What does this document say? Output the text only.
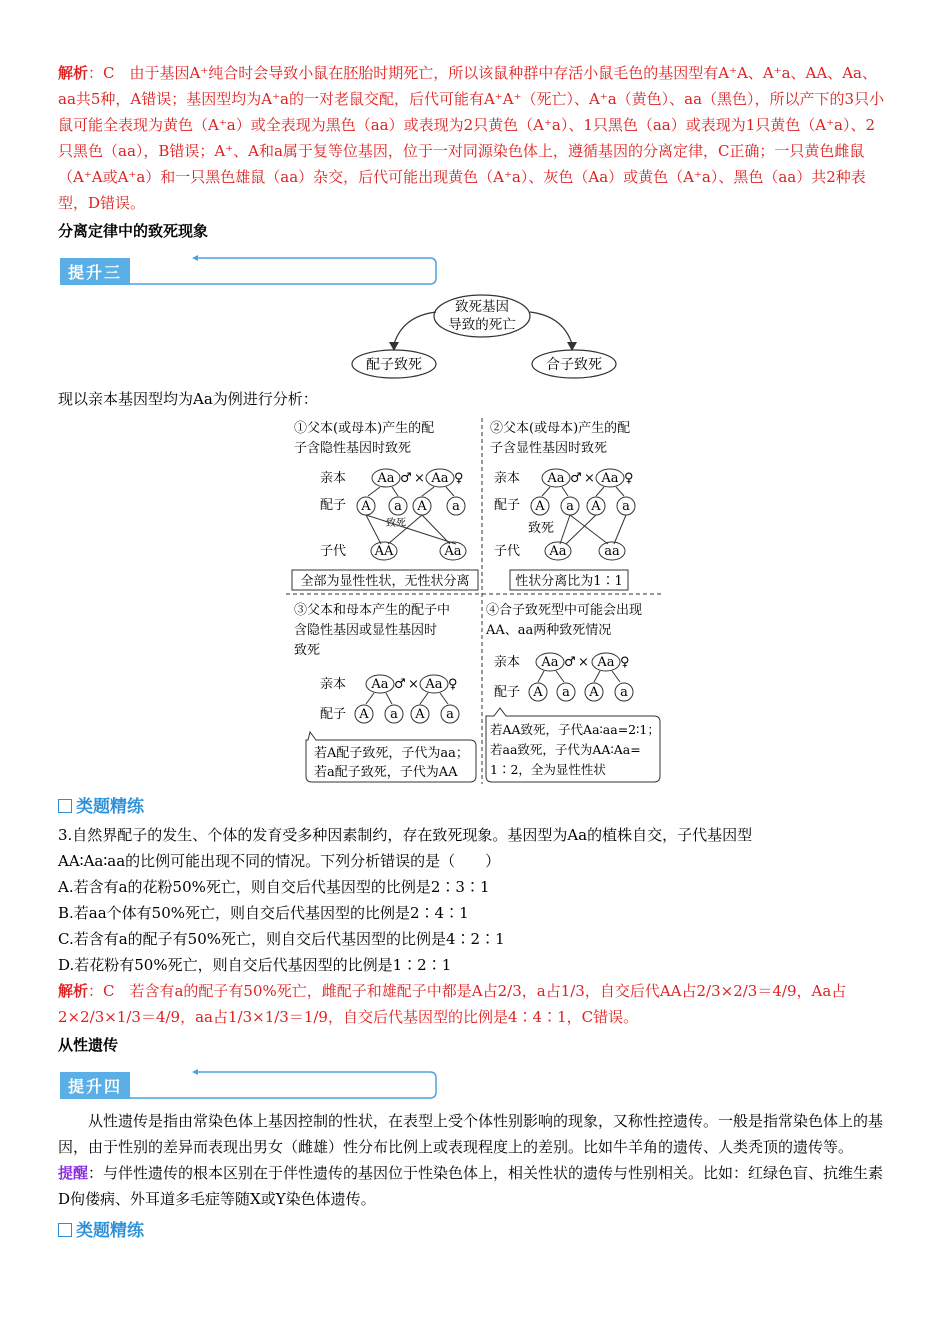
解析：C　由于基因A⁺纯合时会导致小鼠在胚胎时期死亡，所以该鼠种群中存活小鼠毛色的基因型有A⁺A、A⁺a、AA、Aa、aa共5种，A错误；基因型均为A⁺a的一对老鼠交配，后代可能有A⁺A⁺（死亡）、A⁺a（黄色）、aa（黑色），所以产下的3只小鼠可能全表现为黄色（A⁺a）或全表现为黑色（aa）或表现为2只黄色（A⁺a）、1只黑色（aa）或表现为1只黄色（A⁺a）、2只黑色（aa），B错误；A⁺、A和a属于复等位基因，位于一对同源染色体上，遵循基因的分离定律，C正确；一只黄色雌鼠（A⁺A或A⁺a）和一只黑色雄鼠（aa）杂交，后代可能出现黄色（A⁺a）、灰色（Aa）或黄色（A⁺a）、黑色（aa）共2种表型，D错误。

分离定律中的致死现象
提升三
致死基因
导致的死亡
配子致死	合子致死

现以亲本基因型均为Aa为例进行分析：

①父本(或母本)产生的配
子含隐性基因时致死
亲本 Aa ♂ × Aa ♀
配子 A a A a
致死
子代 AA	Aa
全部为显性性状，无性状分离
②父本(或母本)产生的配
子含显性基因时致死
亲本 Aa ♂ × Aa ♀
配子 A a A a
致死
子代 Aa	aa
性状分离比为1∶1
③父本和母本产生的配子中
含隐性基因或显性基因时
致死
亲本 Aa ♂ × Aa ♀
配子 A a A a
若A配子致死，子代为aa；
若a配子致死，子代为AA
④合子致死型中可能会出现
AA、aa两种致死情况
亲本 Aa ♂ × Aa ♀
配子 A a A a
若AA致死，子代Aa∶aa=2∶1；
若aa致死，子代为AA∶Aa=
1∶2，全为显性性状
类题精练

3.自然界配子的发生、个体的发育受多种因素制约，存在致死现象。基因型为Aa的植株自交，子代基因型

AA∶Aa∶aa的比例可能出现不同的情况。下列分析错误的是（　　）

A.若含有a的花粉50%死亡，则自交后代基因型的比例是2∶3∶1

B.若aa个体有50%死亡，则自交后代基因型的比例是2∶4∶1

C.若含有a的配子有50%死亡，则自交后代基因型的比例是4∶2∶1

D.若花粉有50%死亡，则自交后代基因型的比例是1∶2∶1

解析：C　若含有a的配子有50%死亡，雌配子和雄配子中都是A占2/3，a占1/3，自交后代AA占2/3×2/3＝4/9，Aa占2×2/3×1/3＝4/9，aa占1/3×1/3＝1/9，自交后代基因型的比例是4∶4∶1，C错误。

从性遗传
提升四

从性遗传是指由常染色体上基因控制的性状，在表型上受个体性别影响的现象，又称性控遗传。一般是指常染色体上的基因，由于性别的差异而表现出男女（雌雄）性分布比例上或表现程度上的差别。比如牛羊角的遗传、人类秃顶的遗传等。

提醒：与伴性遗传的根本区别在于伴性遗传的基因位于性染色体上，相关性状的遗传与性别相关。比如：红绿色盲、抗维生素D佝偻病、外耳道多毛症等随X或Y染色体遗传。

类题精练
